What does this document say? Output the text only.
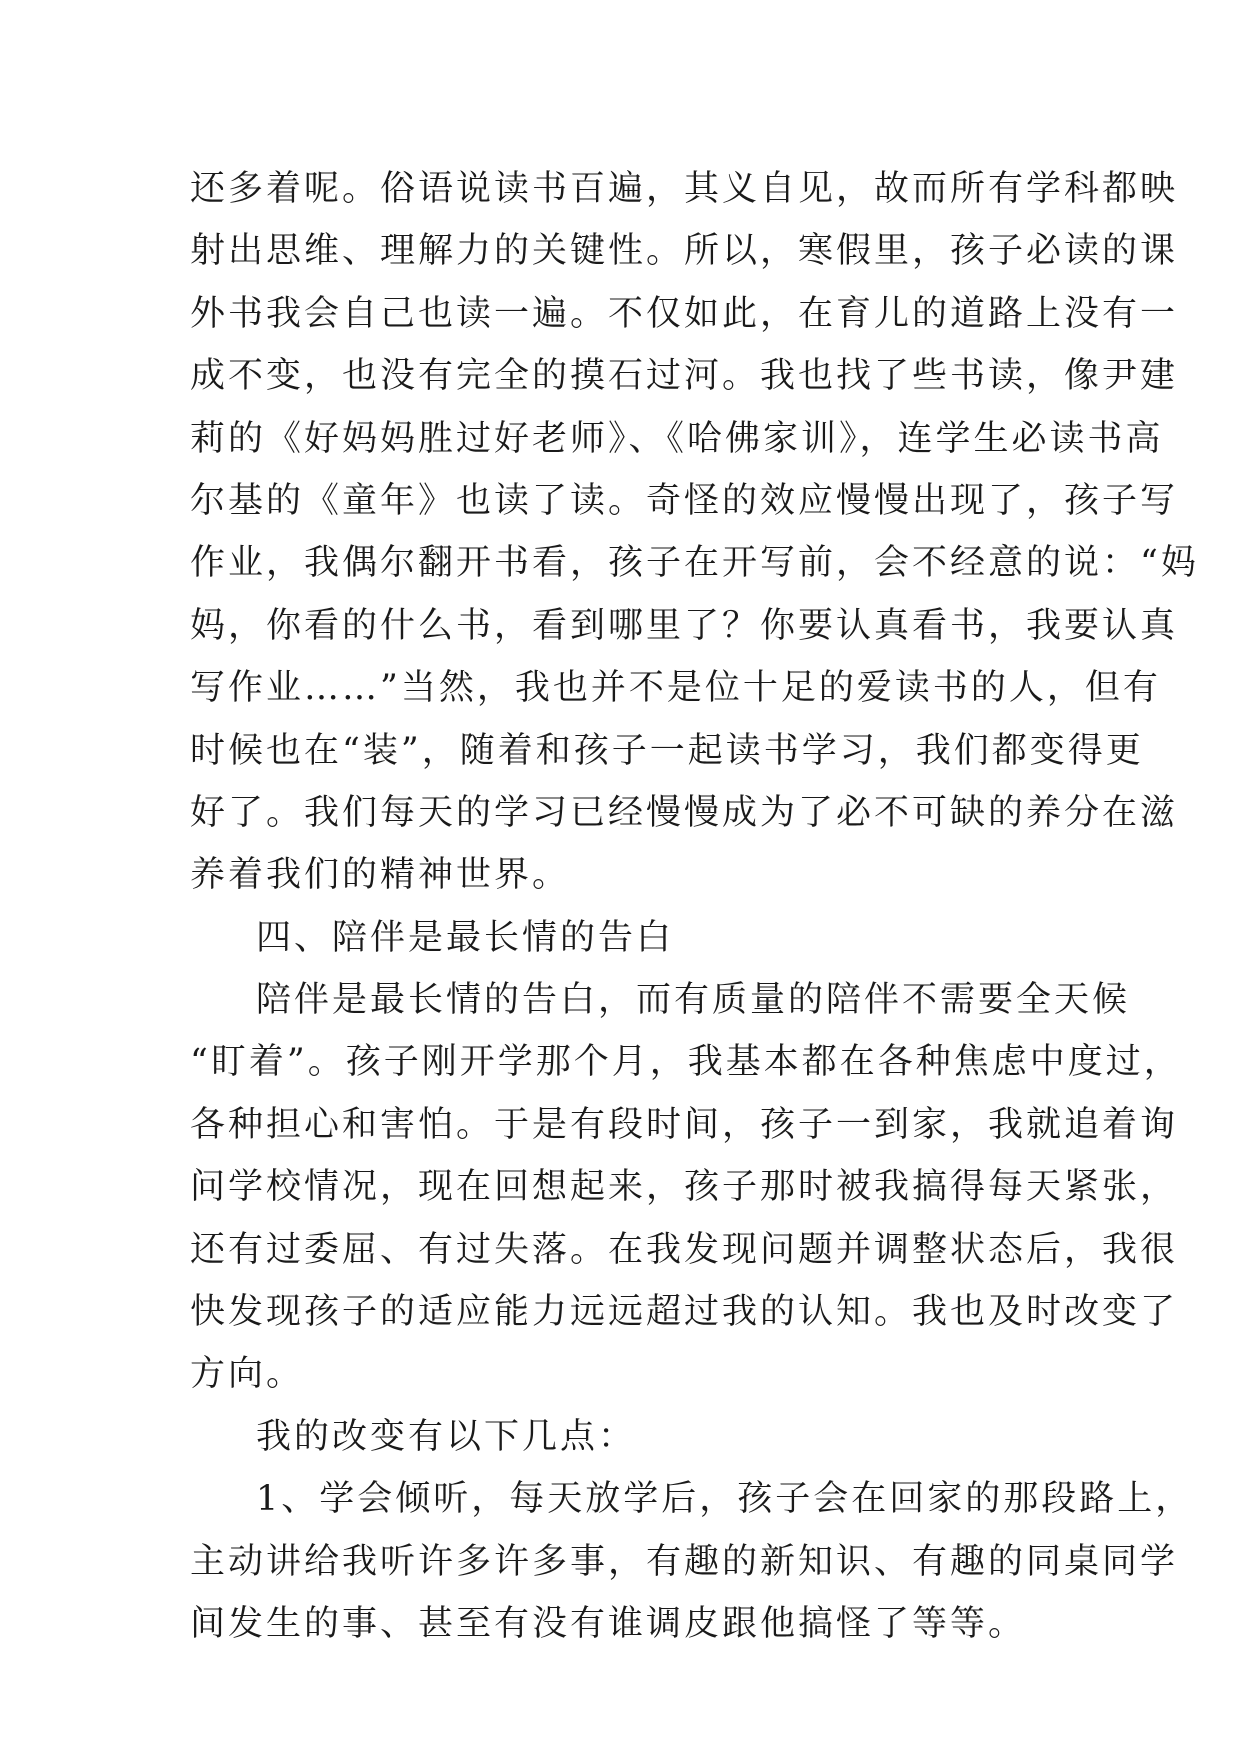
还多着呢。俗语说读书百遍，其义自见，故而所有学科都映
射出思维、理解力的关键性。所以，寒假里，孩子必读的课
外书我会自己也读一遍。不仅如此，在育儿的道路上没有一
成不变，也没有完全的摸石过河。我也找了些书读，像尹建
莉的《好妈妈胜过好老师》、《哈佛家训》，连学生必读书高
尔基的《童年》也读了读。奇怪的效应慢慢出现了，孩子写
作业，我偶尔翻开书看，孩子在开写前，会不经意的说：“妈
妈，你看的什么书，看到哪里了？你要认真看书，我要认真
写作业……”当然，我也并不是位十足的爱读书的人，但有
时候也在“装”，随着和孩子一起读书学习，我们都变得更
好了。我们每天的学习已经慢慢成为了必不可缺的养分在滋
养着我们的精神世界。
四、陪伴是最长情的告白
陪伴是最长情的告白，而有质量的陪伴不需要全天候
“盯着”。孩子刚开学那个月，我基本都在各种焦虑中度过，
各种担心和害怕。于是有段时间，孩子一到家，我就追着询
问学校情况，现在回想起来，孩子那时被我搞得每天紧张，
还有过委屈、有过失落。在我发现问题并调整状态后，我很
快发现孩子的适应能力远远超过我的认知。我也及时改变了
方向。
我的改变有以下几点：
1、学会倾听，每天放学后，孩子会在回家的那段路上，
主动讲给我听许多许多事，有趣的新知识、有趣的同桌同学
间发生的事、甚至有没有谁调皮跟他搞怪了等等。
